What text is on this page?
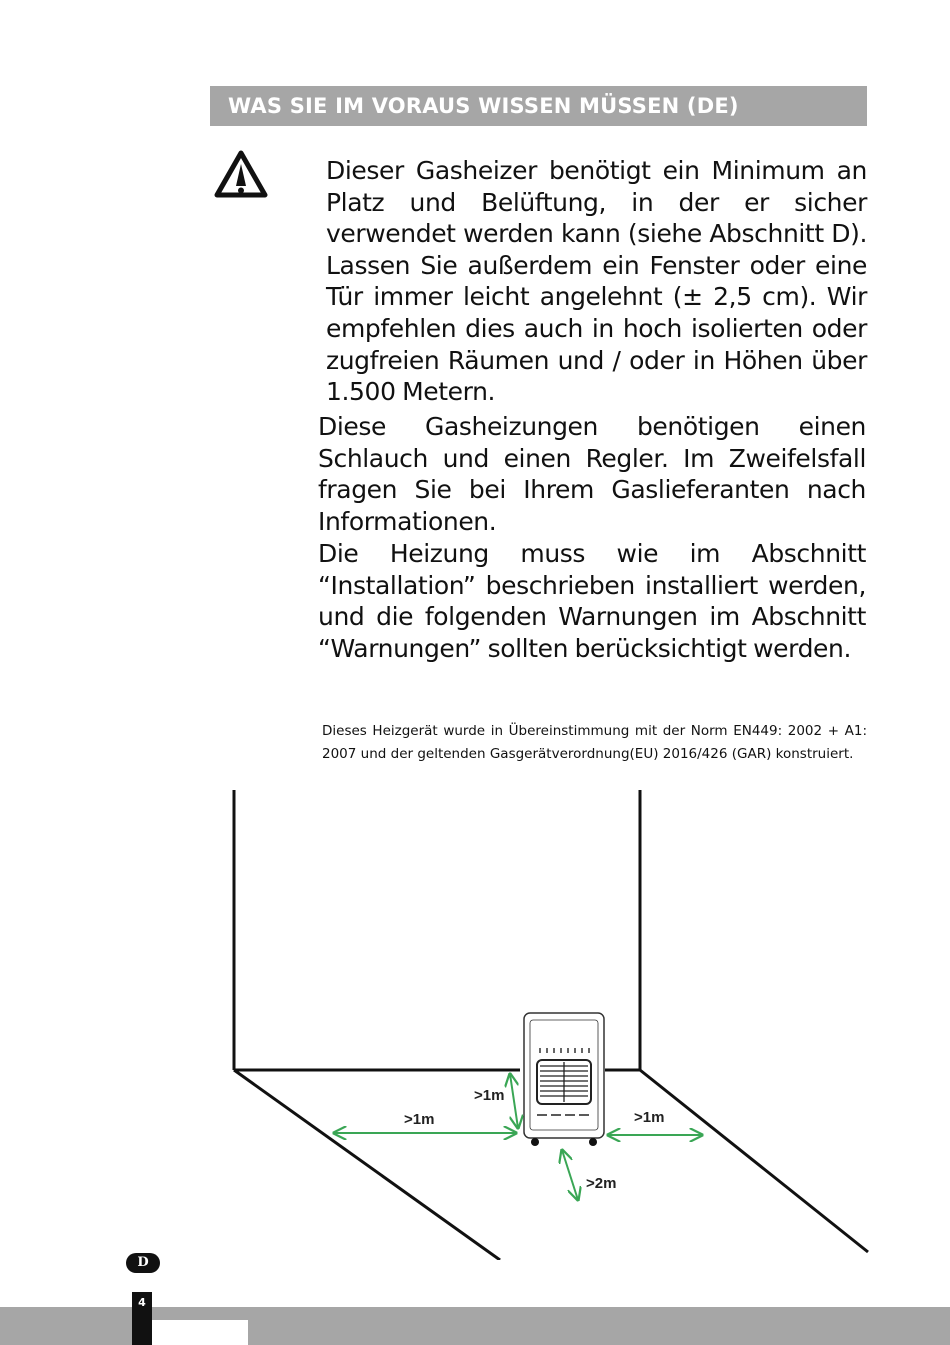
WAS SIE IM VORAUS WISSEN MÜSSEN (DE)

Dieser Gasheizer benötigt ein Minimum an Platz und Belüftung, in der er sicher verwendet werden kann (siehe Abschnitt D). Lassen Sie außerdem ein Fenster oder eine Tür immer leicht angelehnt (± 2,5 cm). Wir empfehlen dies auch in hoch isolierten oder zugfreien Räumen und / oder in Höhen über 1.500 Metern.

Diese Gasheizungen benötigen einen Schlauch und einen Regler. Im Zweifelsfall fragen Sie bei Ihrem Gaslieferanten nach Informationen.

Die Heizung muss wie im Abschnitt “Installation” beschrieben installiert werden, und die folgenden Warnungen im Abschnitt “Warnungen” sollten berücksichtigt werden.

Dieses Heizgerät wurde in Übereinstimmung mit der Norm EN449: 2002 + A1: 2007 und der geltenden Gasgerätverordnung(EU) 2016/426 (GAR) konstruiert.

>1m
>1m
>1m
>2m
D
4
